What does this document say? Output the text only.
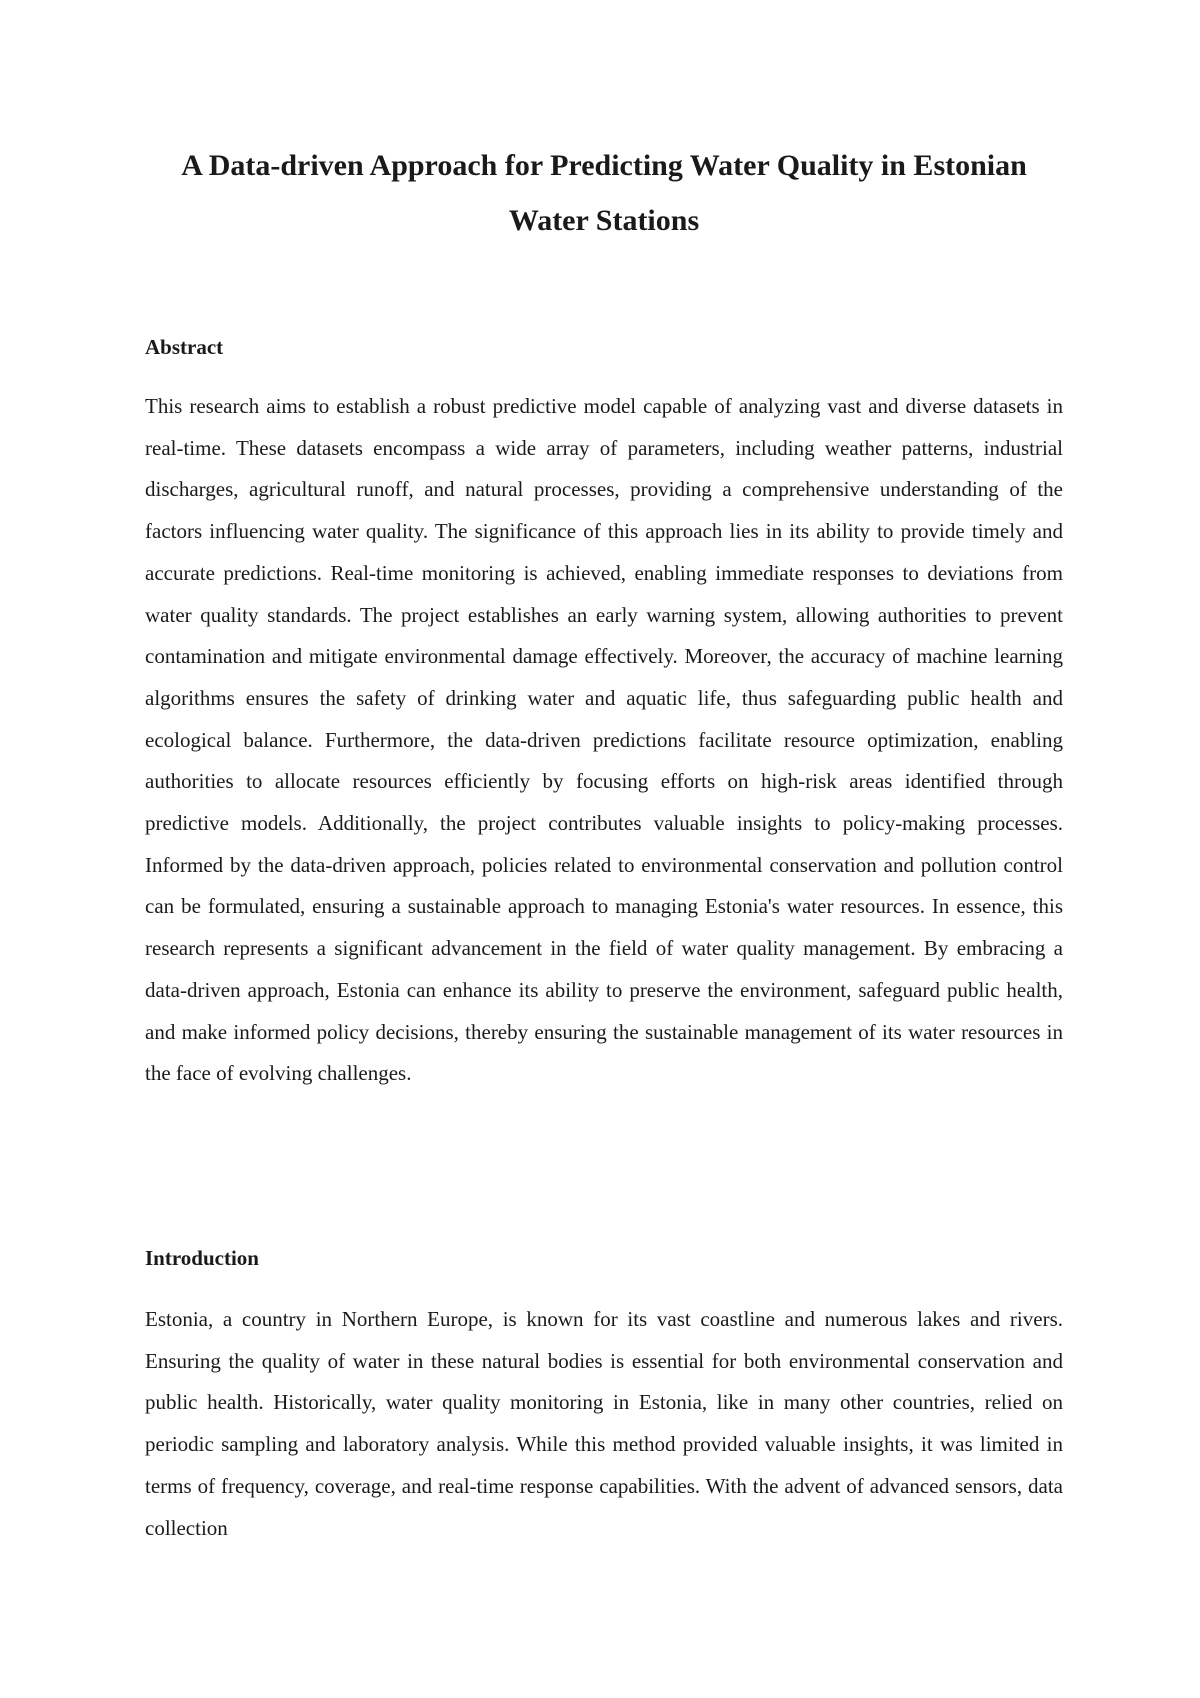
A Data-driven Approach for Predicting Water Quality in Estonian Water Stations
Abstract

This research aims to establish a robust predictive model capable of analyzing vast and diverse datasets in real-time. These datasets encompass a wide array of parameters, including weather patterns, industrial discharges, agricultural runoff, and natural processes, providing a comprehensive understanding of the factors influencing water quality. The significance of this approach lies in its ability to provide timely and accurate predictions. Real-time monitoring is achieved, enabling immediate responses to deviations from water quality standards. The project establishes an early warning system, allowing authorities to prevent contamination and mitigate environmental damage effectively. Moreover, the accuracy of machine learning algorithms ensures the safety of drinking water and aquatic life, thus safeguarding public health and ecological balance. Furthermore, the data-driven predictions facilitate resource optimization, enabling authorities to allocate resources efficiently by focusing efforts on high-risk areas identified through predictive models. Additionally, the project contributes valuable insights to policy-making processes. Informed by the data-driven approach, policies related to environmental conservation and pollution control can be formulated, ensuring a sustainable approach to managing Estonia's water resources. In essence, this research represents a significant advancement in the field of water quality management. By embracing a data-driven approach, Estonia can enhance its ability to preserve the environment, safeguard public health, and make informed policy decisions, thereby ensuring the sustainable management of its water resources in the face of evolving challenges.

Introduction

Estonia, a country in Northern Europe, is known for its vast coastline and numerous lakes and rivers. Ensuring the quality of water in these natural bodies is essential for both environmental conservation and public health. Historically, water quality monitoring in Estonia, like in many other countries, relied on periodic sampling and laboratory analysis. While this method provided valuable insights, it was limited in terms of frequency, coverage, and real-time response capabilities. With the advent of advanced sensors, data collection
